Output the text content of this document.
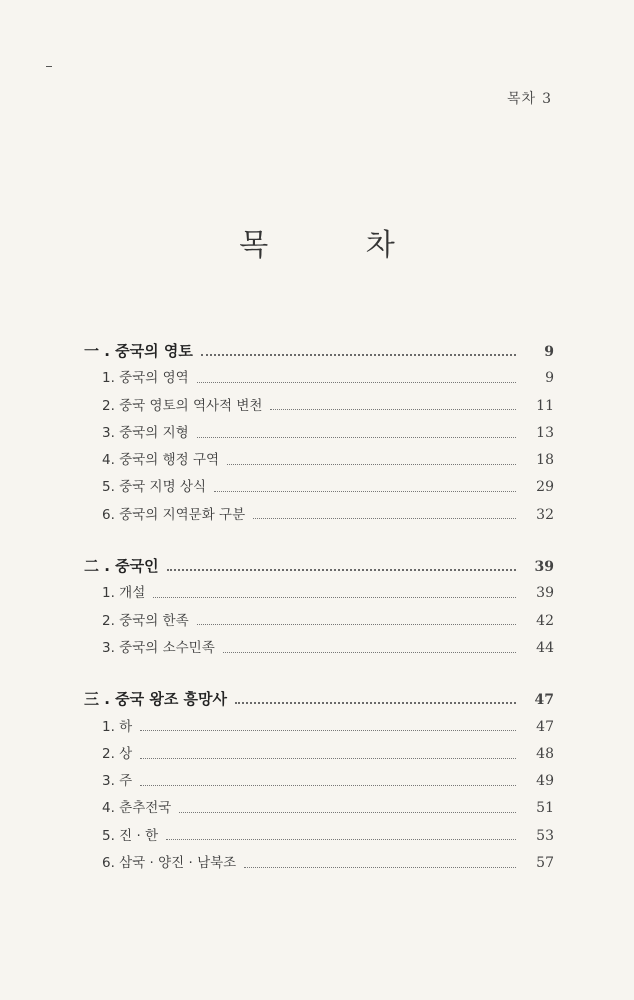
목차 3
목 차
一 . 중국의 영토	9
1. 중국의 영역	9
2. 중국 영토의 역사적 변천	11
3. 중국의 지형	13
4. 중국의 행정 구역	18
5. 중국 지명 상식	29
6. 중국의 지역문화 구분	32
二 . 중국인	39
1. 개설	39
2. 중국의 한족	42
3. 중국의 소수민족	44
三 . 중국 왕조 흥망사	47
1. 하	47
2. 상	48
3. 주	49
4. 춘추전국	51
5. 진 · 한	53
6. 삼국 · 양진 · 남북조	57
